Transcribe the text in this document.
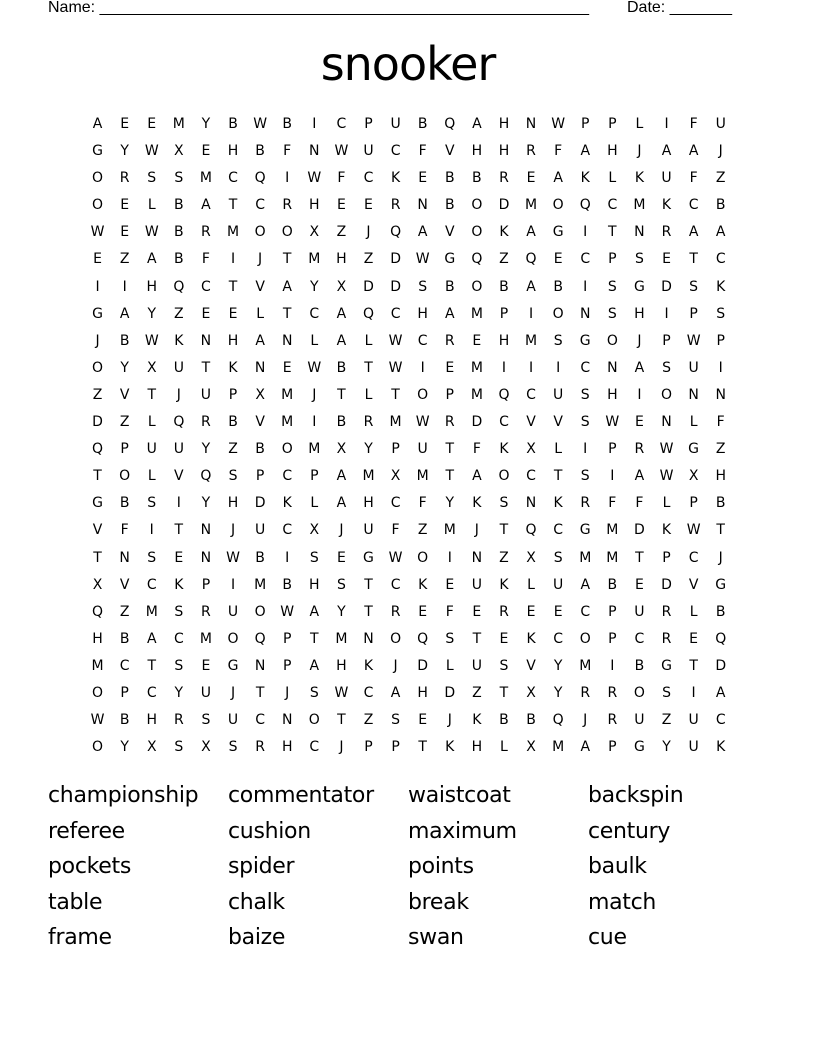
Name: _______________________________________________________ Date: _______
snooker
A	E	E	M	Y	B	W	B	I	C	P	U	B	Q	A	H	N	W	P	P	L	I	F	U
G	Y	W	X	E	H	B	F	N	W	U	C	F	V	H	H	R	F	A	H	J	A	A	J
O	R	S	S	M	C	Q	I	W	F	C	K	E	B	B	R	E	A	K	L	K	U	F	Z
O	E	L	B	A	T	C	R	H	E	E	R	N	B	O	D	M	O	Q	C	M	K	C	B
W	E	W	B	R	M	O	O	X	Z	J	Q	A	V	O	K	A	G	I	T	N	R	A	A
E	Z	A	B	F	I	J	T	M	H	Z	D	W	G	Q	Z	Q	E	C	P	S	E	T	C
I	I	H	Q	C	T	V	A	Y	X	D	D	S	B	O	B	A	B	I	S	G	D	S	K
G	A	Y	Z	E	E	L	T	C	A	Q	C	H	A	M	P	I	O	N	S	H	I	P	S
J	B	W	K	N	H	A	N	L	A	L	W	C	R	E	H	M	S	G	O	J	P	W	P
O	Y	X	U	T	K	N	E	W	B	T	W	I	E	M	I	I	I	C	N	A	S	U	I
Z	V	T	J	U	P	X	M	J	T	L	T	O	P	M	Q	C	U	S	H	I	O	N	N
D	Z	L	Q	R	B	V	M	I	B	R	M	W	R	D	C	V	V	S	W	E	N	L	F
Q	P	U	U	Y	Z	B	O	M	X	Y	P	U	T	F	K	X	L	I	P	R	W	G	Z
T	O	L	V	Q	S	P	C	P	A	M	X	M	T	A	O	C	T	S	I	A	W	X	H
G	B	S	I	Y	H	D	K	L	A	H	C	F	Y	K	S	N	K	R	F	F	L	P	B
V	F	I	T	N	J	U	C	X	J	U	F	Z	M	J	T	Q	C	G	M	D	K	W	T
T	N	S	E	N	W	B	I	S	E	G	W	O	I	N	Z	X	S	M	M	T	P	C	J
X	V	C	K	P	I	M	B	H	S	T	C	K	E	U	K	L	U	A	B	E	D	V	G
Q	Z	M	S	R	U	O	W	A	Y	T	R	E	F	E	R	E	E	C	P	U	R	L	B
H	B	A	C	M	O	Q	P	T	M	N	O	Q	S	T	E	K	C	O	P	C	R	E	Q
M	C	T	S	E	G	N	P	A	H	K	J	D	L	U	S	V	Y	M	I	B	G	T	D
O	P	C	Y	U	J	T	J	S	W	C	A	H	D	Z	T	X	Y	R	R	O	S	I	A
W	B	H	R	S	U	C	N	O	T	Z	S	E	J	K	B	B	Q	J	R	U	Z	U	C
O	Y	X	S	X	S	R	H	C	J	P	P	T	K	H	L	X	M	A	P	G	Y	U	K
championship	commentator	waistcoat	backspin
referee	cushion	maximum	century
pockets	spider	points	baulk
table	chalk	break	match
frame	baize	swan	cue
